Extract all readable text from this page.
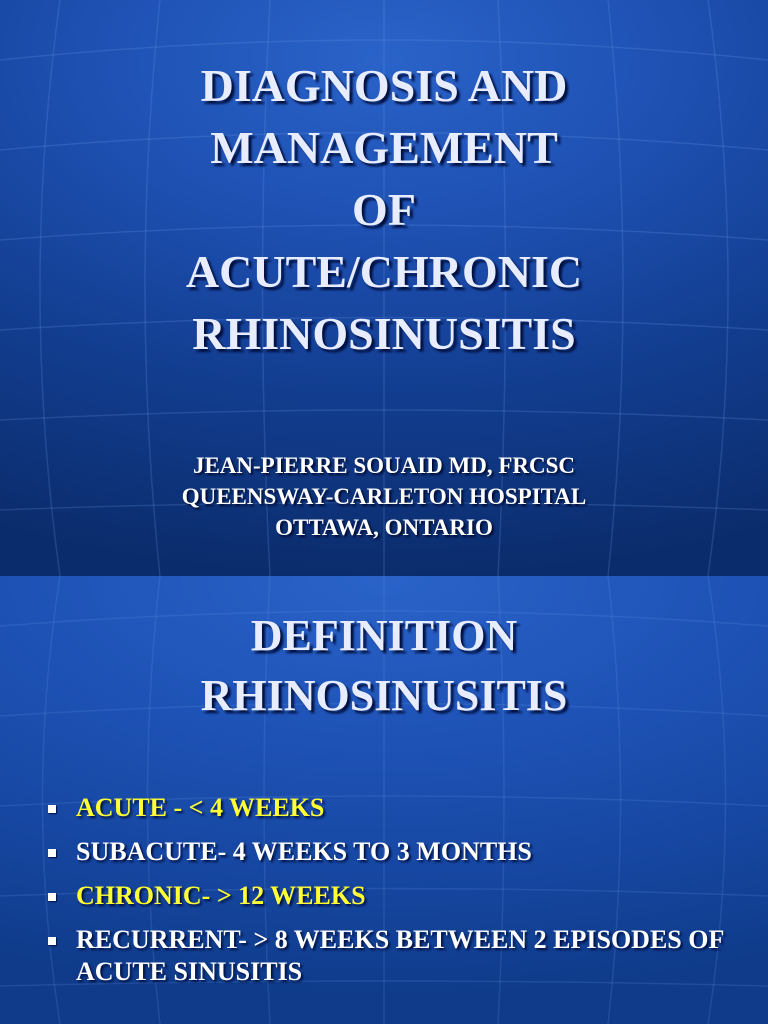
DIAGNOSIS AND
MANAGEMENT
OF
ACUTE/CHRONIC
RHINOSINUSITIS
JEAN-PIERRE SOUAID MD, FRCSC
QUEENSWAY-CARLETON HOSPITAL
OTTAWA, ONTARIO
DEFINITION
RHINOSINUSITIS
ACUTE - < 4 WEEKS
SUBACUTE- 4 WEEKS TO 3 MONTHS
CHRONIC- > 12 WEEKS
RECURRENT- > 8 WEEKS BETWEEN 2 EPISODES OF ACUTE SINUSITIS
